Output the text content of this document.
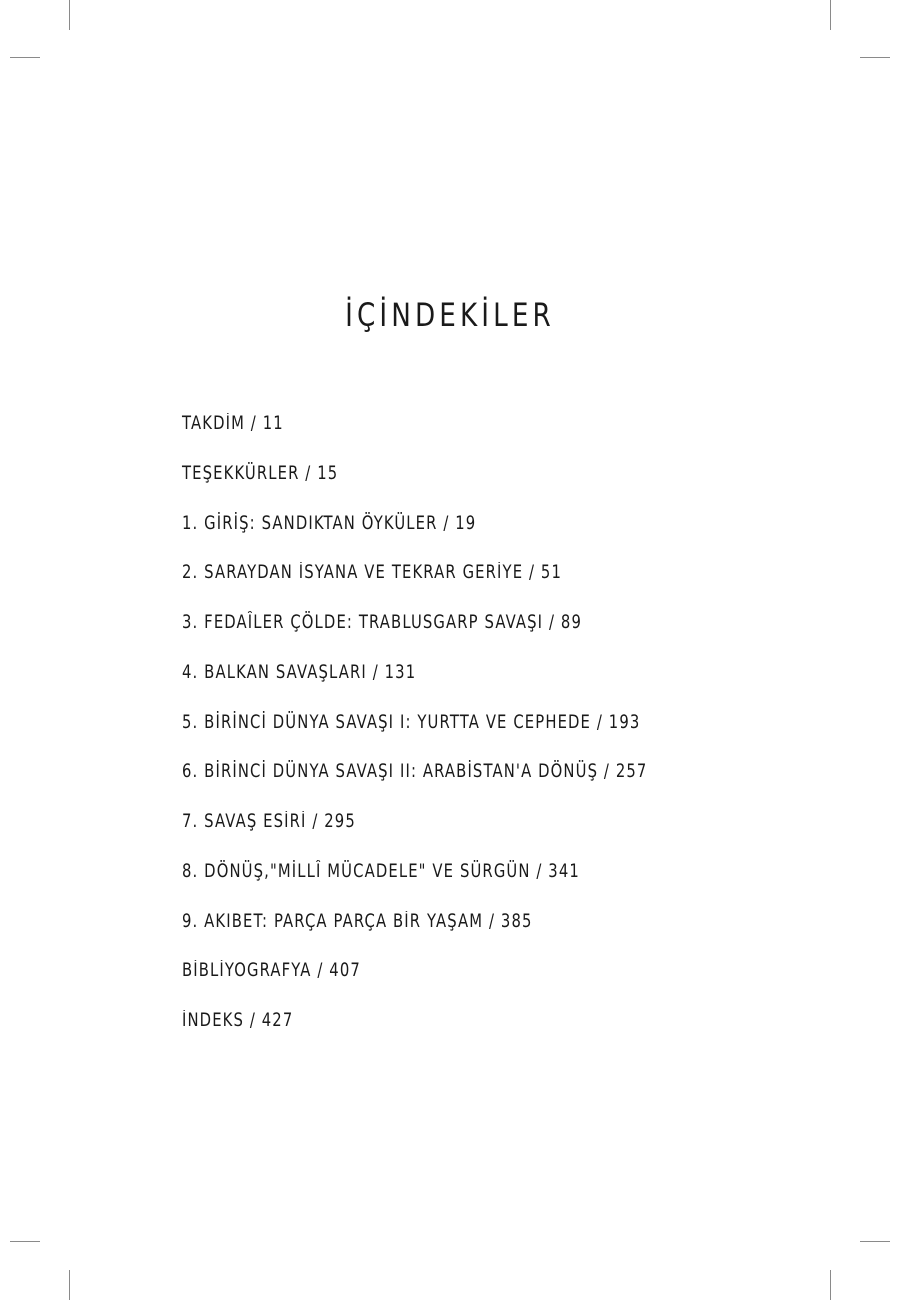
İÇİNDEKİLER
TAKDİM / 11
TEŞEKKÜRLER / 15
1. GİRİŞ: SANDIKTAN ÖYKÜLER / 19
2. SARAYDAN İSYANA VE TEKRAR GERİYE / 51
3. FEDAÎLER ÇÖLDE: TRABLUSGARP SAVAŞI / 89
4. BALKAN SAVAŞLARI / 131
5. BİRİNCİ DÜNYA SAVAŞI I: YURTTA VE CEPHEDE / 193
6. BİRİNCİ DÜNYA SAVAŞI II: ARABİSTAN'A DÖNÜŞ / 257
7. SAVAŞ ESİRİ / 295
8. DÖNÜŞ,"MİLLÎ MÜCADELE" VE SÜRGÜN / 341
9. AKIBET: PARÇA PARÇA BİR YAŞAM / 385
BİBLİYOGRAFYA / 407
İNDEKS / 427
